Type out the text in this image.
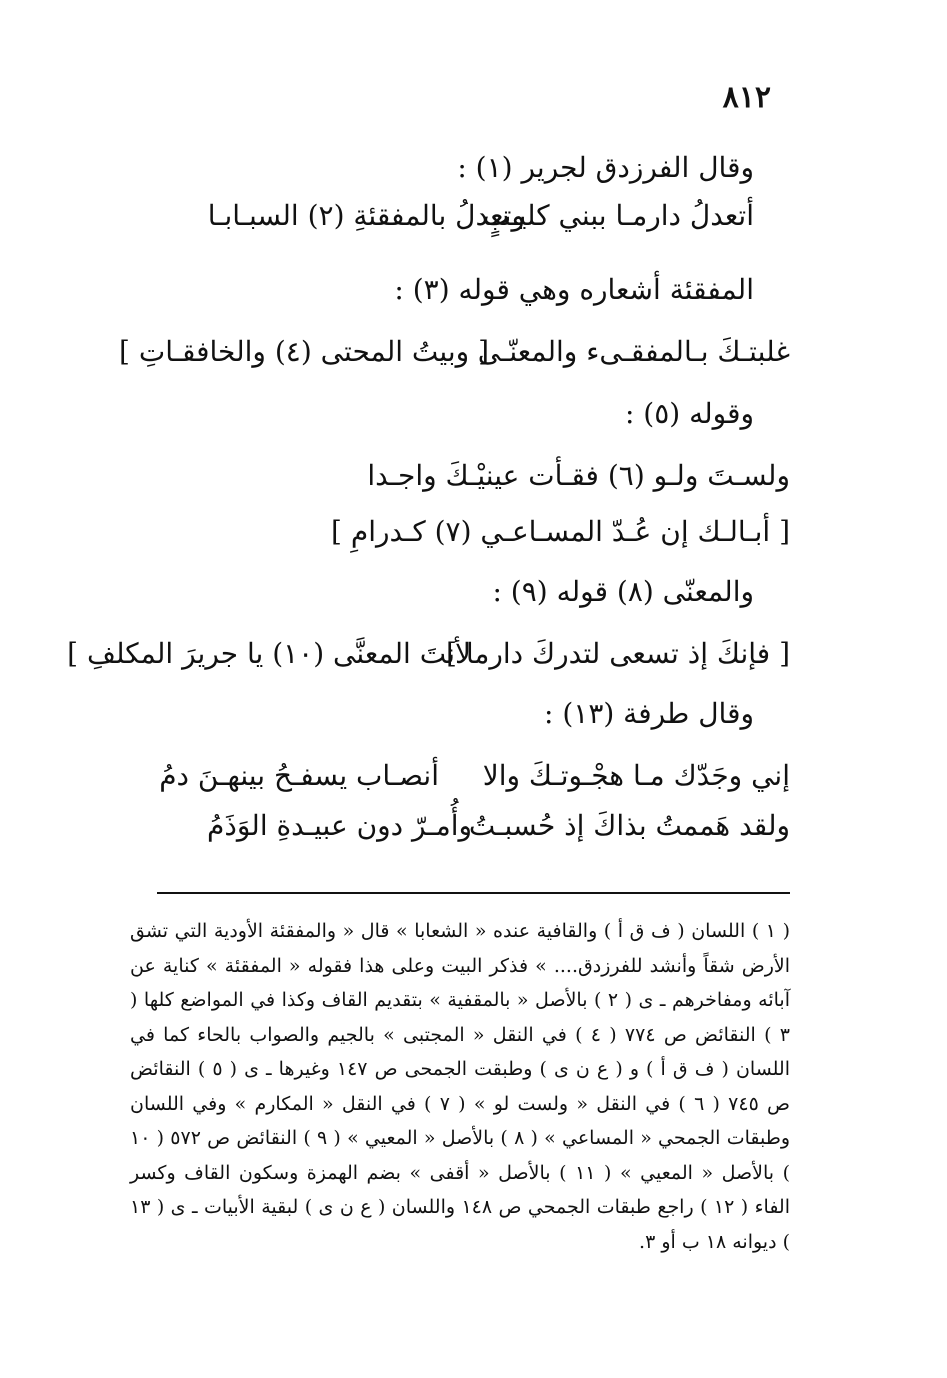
٨١٢
وقال الفرزدق لجرير (١) :
أتعدلُ دارمـا ببني كليـبٍ
وتعدلُ بالمفقئةِ (٢) السبـابـا
المفقئة أشعاره وهي قوله (٣) :
غلبتـكَ بـالمفقـىء والمعنّـى
[ وبيتُ المحتى (٤) والخافقـاتِ ]
وقوله (٥) :
ولسـتَ ولـو (٦) فقـأت عينيْـكَ واجـدا
[ أبـالـك إن عُـدّ المسـاعـي (٧) كـدرامِ ]
والمعنّى (٨) قوله (٩) :
[ فإنكَ إذ تسعى لتدركَ دارما ]
لأنتَ المعنَّى (١٠) يا جريرَ المكلفِ ]
وقال طرفة (١٣) :
إني وجَدّك مـا هجْـوتـكَ والا
أنصـاب يسفـحُ بينهـنَ دمُ
ولقد هَممتُ بذاكَ إذ حُسبـتُ
وأُمـرّ دون عبيـدةِ الوَذَمُ

( ١ ) اللسان ( ف ق أ ) والقافية عنده « الشعابا » قال « والمفقئة الأودية التي تشق الأرض شقاً وأنشد للفرزدق.... » فذكر البيت وعلى هذا فقوله « المفقئة » كناية عن آبائه ومفاخرهم ـ ى ( ٢ ) بالأصل « بالمقفية » بتقديم القاف وكذا في المواضع كلها ( ٣ ) النقائض ص ٧٧٤ ( ٤ ) في النقل « المجتبى » بالجيم والصواب بالحاء كما في اللسان ( ف ق أ ) و ( ع ن ى ) وطبقت الجمحى ص ١٤٧ وغيرها ـ ى ( ٥ ) النقائض ص ٧٤٥ ( ٦ ) في النقل « ولست لو » ( ٧ ) في النقل « المكارم » وفي اللسان وطبقات الجمحي « المساعي » ( ٨ ) بالأصل « المعيي » ( ٩ ) النقائض ص ٥٧٢ ( ١٠ ) بالأصل « المعيي » ( ١١ ) بالأصل « أقفى » بضم الهمزة وسكون القاف وكسر الفاء ( ١٢ ) راجع طبقات الجمحي ص ١٤٨ واللسان ( ع ن ى ) لبقية الأبيات ـ ى ( ١٣ ) ديوانه ١٨ ب أو ٣.
